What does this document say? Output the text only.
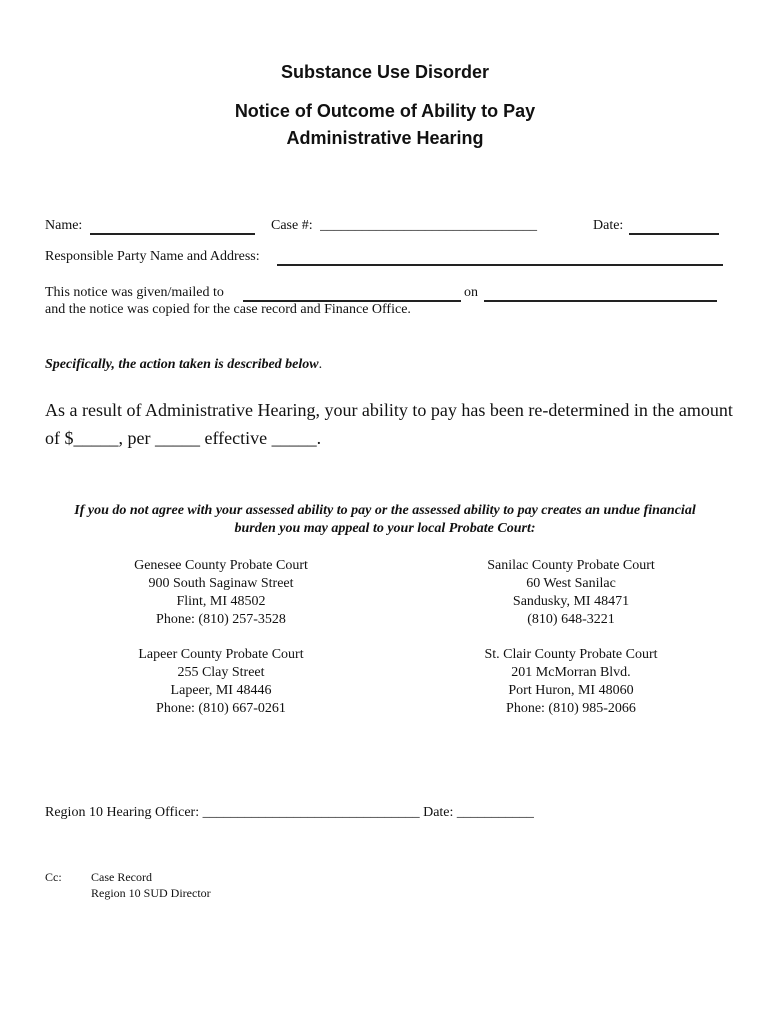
Substance Use Disorder
Notice of Outcome of Ability to Pay
Administrative Hearing
Name:	Case #: _______________________________	Date:
Responsible Party Name and Address:
This notice was given/mailed to	on
and the notice was copied for the case record and Finance Office.
Specifically, the action taken is described below.
As a result of Administrative Hearing, your ability to pay has been re-determined in the amount
of $_____, per _____ effective _____.
If you do not agree with your assessed ability to pay or the assessed ability to pay creates an undue financial
burden you may appeal to your local Probate Court:
Genesee County Probate Court
900 South Saginaw Street
Flint, MI 48502
Phone: (810) 257-3528
Sanilac County Probate Court
60 West Sanilac
Sandusky, MI 48471
(810) 648-3221
Lapeer County Probate Court
255 Clay Street
Lapeer, MI 48446
Phone: (810) 667-0261
St. Clair County Probate Court
201 McMorran Blvd.
Port Huron, MI 48060
Phone: (810) 985-2066
Region 10 Hearing Officer: _______________________________ Date: ___________
Cc: Case Record
Region 10 SUD Director
